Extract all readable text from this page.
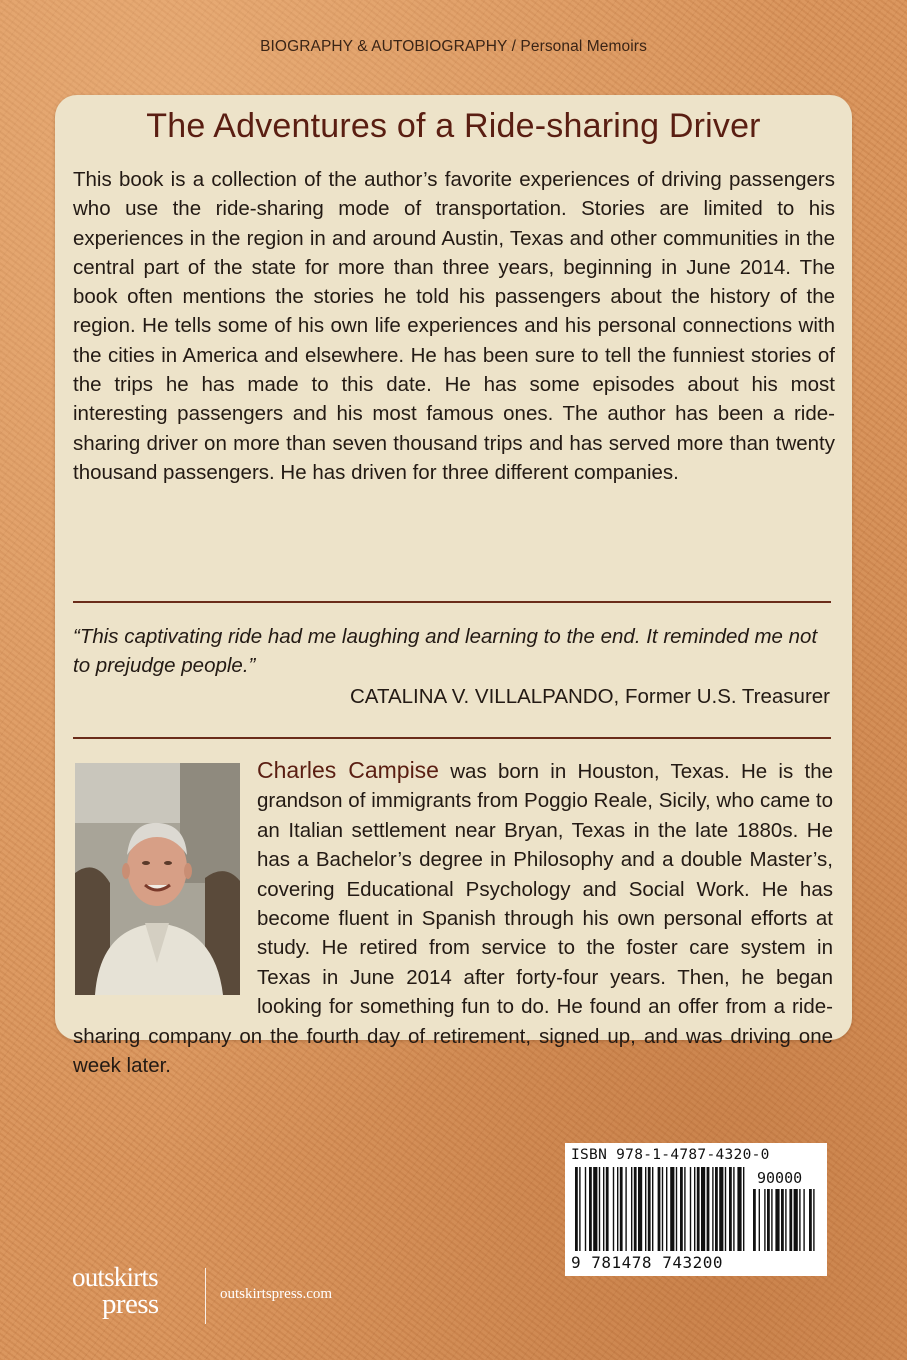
BIOGRAPHY & AUTOBIOGRAPHY / Personal Memoirs
The Adventures of a Ride-sharing Driver

This book is a collection of the author’s favorite experiences of driving passengers who use the ride-sharing mode of transportation. Stories are limited to his experiences in the region in and around Austin, Texas and other communities in the central part of the state for more than three years, beginning in June 2014. The book often mentions the stories he told his passengers about the history of the region. He tells some of his own life experiences and his personal connections with the cities in America and elsewhere. He has been sure to tell the funniest stories of the trips he has made to this date. He has some episodes about his most interesting passengers and his most famous ones. The author has been a ride-sharing driver on more than seven thousand trips and has served more than twenty thousand passengers. He has driven for three different companies.

“This captivating ride had me laughing and learning to the end. It reminded me not to prejudge people.”

CATALINA V. VILLALPANDO, Former U.S. Treasurer

Charles Campise was born in Houston, Texas. He is the grandson of immigrants from Poggio Reale, Sicily, who came to an Italian settlement near Bryan, Texas in the late 1880s. He has a Bachelor’s degree in Philosophy and a double Master’s, covering Educational Psychology and Social Work. He has become fluent in Spanish through his own personal efforts at study. He retired from service to the foster care system in Texas in June 2014 after forty-four years. Then, he began looking for something fun to do. He found an offer from a ride-sharing company on the fourth day of retirement, signed up, and was driving one week later.

ISBN 978-1-4787-4320-0
90000
9 781478 743200
outskirts
press	outskirtspress.com
